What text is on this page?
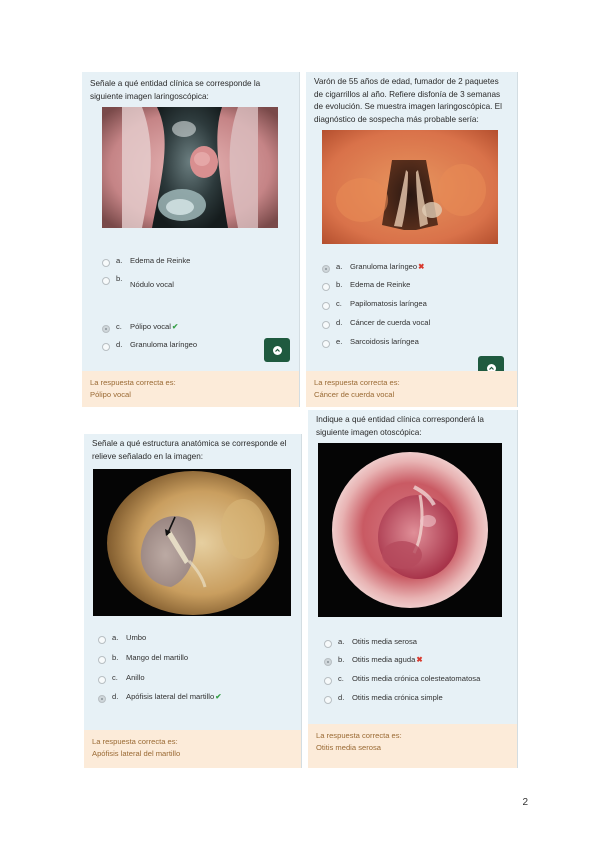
Señale a qué entidad clínica se corresponde la siguiente imagen laringoscópica:
a. Edema de Reinke
b.
Nódulo vocal
c. Pólipo vocal✔
d. Granuloma laríngeo
La respuesta correcta es:
Pólipo vocal
Varón de 55 años de edad, fumador de 2 paquetes de cigarrillos al año. Refiere disfonía de 3 semanas de evolución. Se muestra imagen laringoscópica. El diagnóstico de sospecha más probable sería:
a. Granuloma laríngeo✖
b. Edema de Reinke
c. Papilomatosis laríngea
d. Cáncer de cuerda vocal
e. Sarcoidosis laríngea
La respuesta correcta es:
Cáncer de cuerda vocal
Señale a qué estructura anatómica se corresponde el relieve señalado en la imagen:
a. Umbo
b. Mango del martillo
c. Anillo
d. Apófisis lateral del martillo✔
La respuesta correcta es:
Apófisis lateral del martillo
Indique a qué entidad clínica corresponderá la siguiente imagen otoscópica:
a. Otitis media serosa
b. Otitis media aguda✖
c. Otitis media crónica colesteatomatosa
d. Otitis media crónica simple
La respuesta correcta es:
Otitis media serosa
2
